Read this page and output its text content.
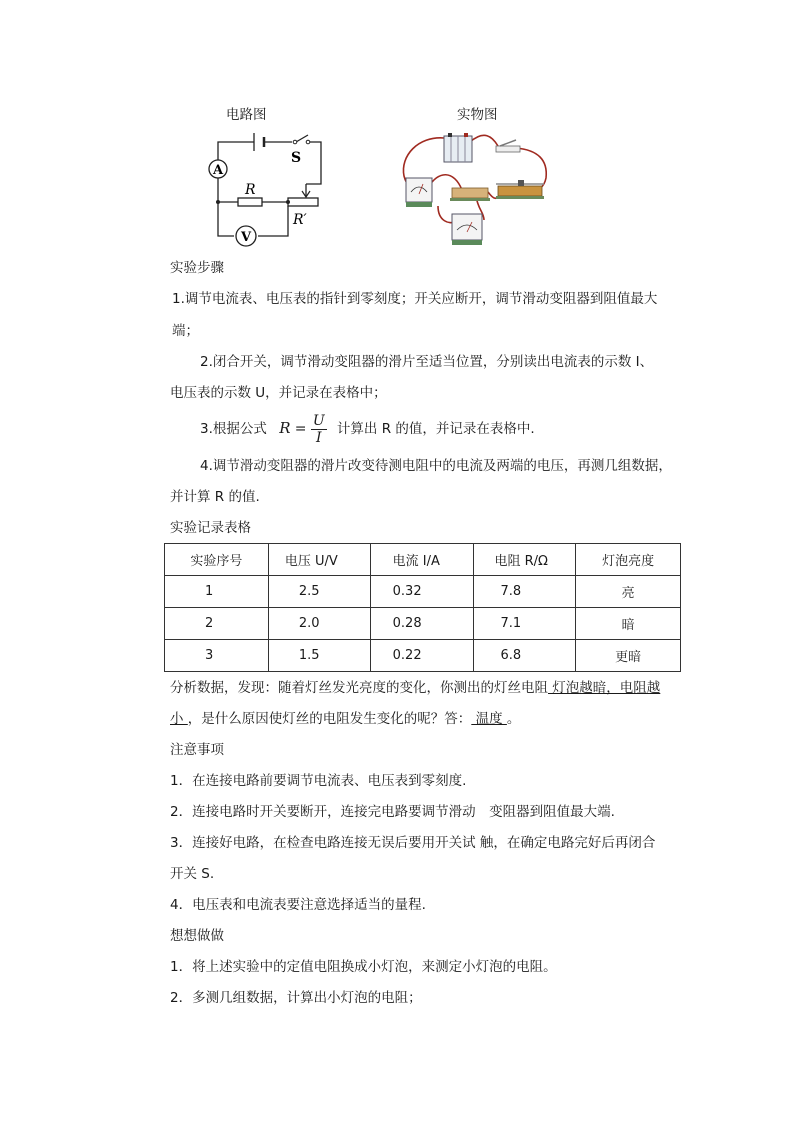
电路图	实物图
A
V
S
R
R′
实验步骤
1.调节电流表、电压表的指针到零刻度；开关应断开，调节滑动变阻器到阻值最大
端；
2.闭合开关，调节滑动变阻器的滑片至适当位置，分别读出电流表的示数 I、
电压表的示数 U，并记录在表格中；
3.根据公式 $R = \frac{U}{I}$ 计算出 R 的值，并记录在表格中.
4.调节滑动变阻器的滑片改变待测电阻中的电流及两端的电压，再测几组数据，
并计算 R 的值.
实验记录表格
实验序号	电压 U/V	电流 I/A	电阻 R/Ω	灯泡亮度
1	2.5	0.32	7.8	亮
2	2.0	0.28	7.1	暗
3	1.5	0.22	6.8	更暗
分析数据，发现：随着灯丝发光亮度的变化，你测出的灯丝电阻 灯泡越暗，电阻越
小 ，是什么原因使灯丝的电阻发生变化的呢？答： 温度 。
注意事项
1．在连接电路前要调节电流表、电压表到零刻度.
2．连接电路时开关要断开，连接完电路要调节滑动　变阻器到阻值最大端.
3．连接好电路，在检查电路连接无误后要用开关试 触，在确定电路完好后再闭合
开关 S.
4．电压表和电流表要注意选择适当的量程.
想想做做
1．将上述实验中的定值电阻换成小灯泡，来测定小灯泡的电阻。
2．多测几组数据，计算出小灯泡的电阻；
